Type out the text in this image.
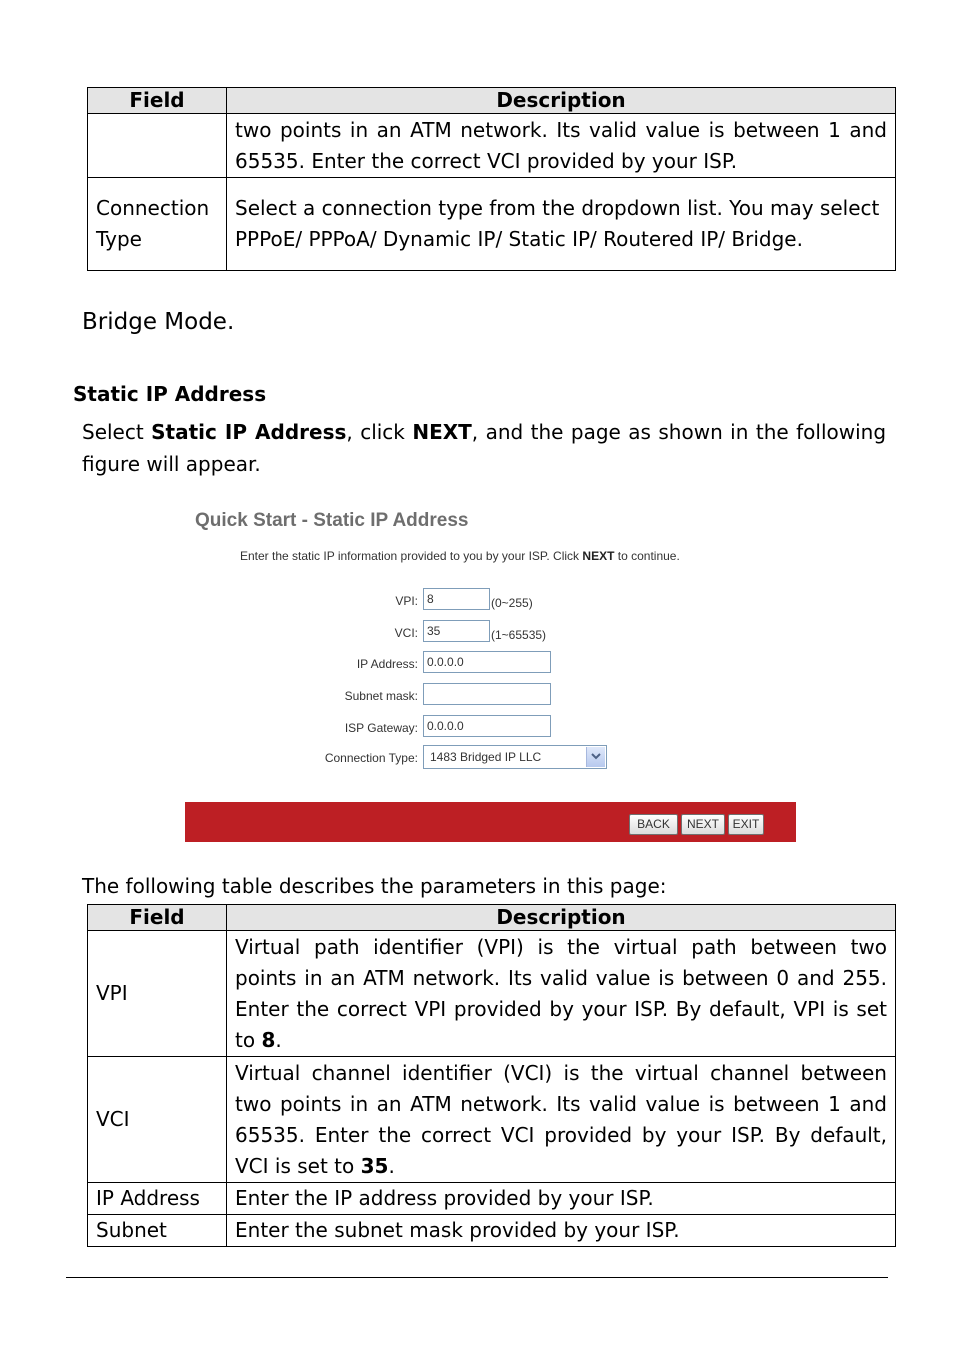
Field	Description
	two points in an ATM network. Its valid value is between 1 and 65535. Enter the correct VCI provided by your ISP.
Connection Type	Select a connection type from the dropdown list. You may select PPPoE/ PPPoA/ Dynamic IP/ Static IP/ Routered IP/ Bridge.
Bridge Mode.
Static IP Address
Select Static IP Address, click NEXT, and the page as shown in the following figure will appear.
Quick Start - Static IP Address
Enter the static IP information provided to you by your ISP. Click NEXT to continue.
VPI: 8	(0~255)
VCI: 35	(1~65535)
IP Address: 0.0.0.0
Subnet mask:
ISP Gateway: 0.0.0.0
Connection Type: 1483 Bridged IP LLC
BACK	NEXT	EXIT
The following table describes the parameters in this page:
Field	Description
VPI	Virtual path identifier (VPI) is the virtual path between two points in an ATM network. Its valid value is between 0 and 255. Enter the correct VPI provided by your ISP. By default, VPI is set to 8.
VCI	Virtual channel identifier (VCI) is the virtual channel between two points in an ATM network. Its valid value is between 1 and 65535. Enter the correct VCI provided by your ISP. By default, VCI is set to 35.
IP Address	Enter the IP address provided by your ISP.
Subnet	Enter the subnet mask provided by your ISP.
